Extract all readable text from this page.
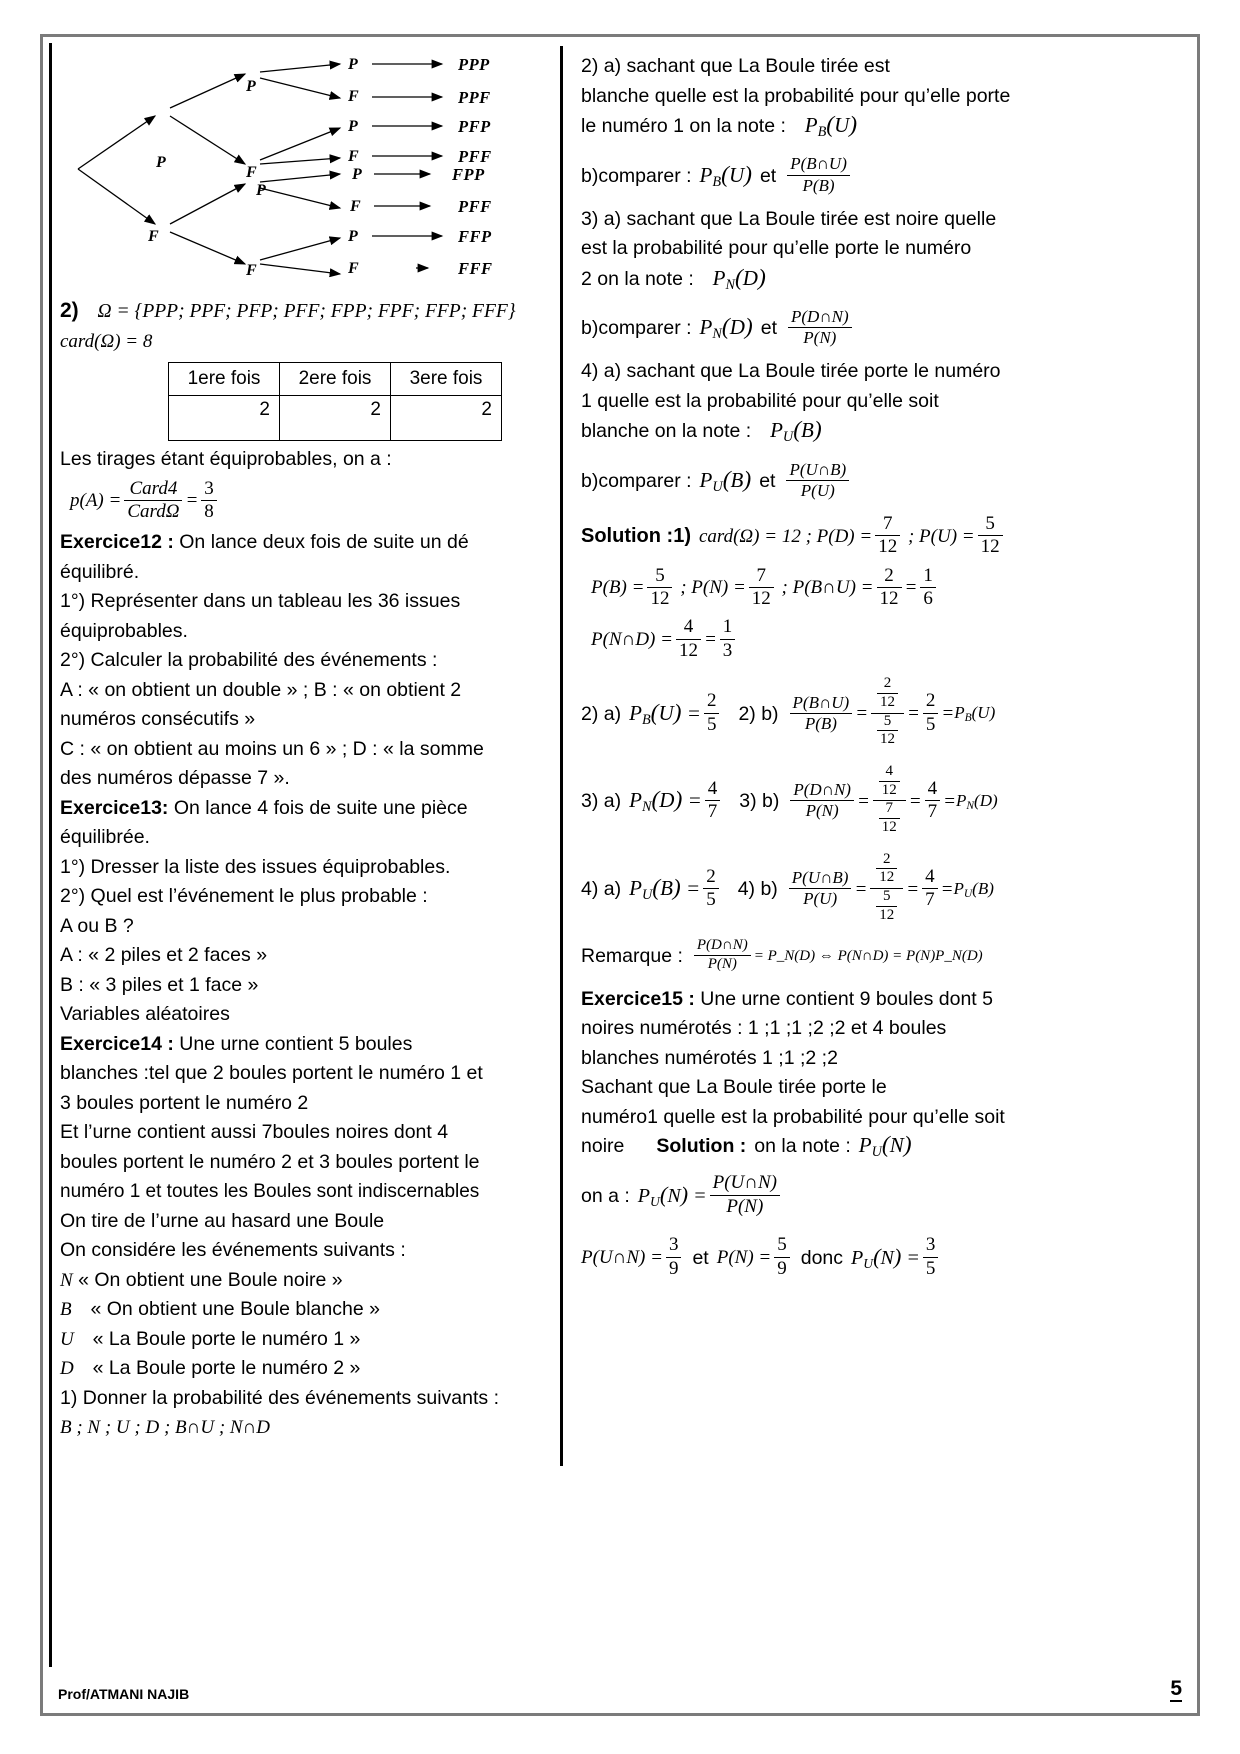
P
F
P
F
P
F
P
F
P
F
P
F
P
F
PPP
PPF
PFP
PFF
FPP
PFF
FFP
FFF
2) Ω = {PPP; PPF; PFP; PFF; FPP; FPF; FFP; FFF}
card(Ω) = 8
1ere fois	2ere fois	3ere fois
2	2	2
Les tirages étant équiprobables, on a :
$p(A) = \frac{\text{Card4}}{\text{CardΩ}} = \frac{3}{8}$
Exercice12 : On lance deux fois de suite un dé
équilibré.
1°) Représenter dans un tableau les 36 issues
équiprobables.
2°) Calculer la probabilité des événements :
A : « on obtient un double » ; B : « on obtient 2
numéros consécutifs »
C : « on obtient au moins un 6 » ; D : « la somme
des numéros dépasse 7 ».
Exercice13: On lance 4 fois de suite une pièce
équilibrée.
1°) Dresser la liste des issues équiprobables.
2°) Quel est l’événement le plus probable :
A ou B ?
A : « 2 piles et 2 faces »
B : « 3 piles et 1 face »
Variables aléatoires
Exercice14 : Une urne contient 5 boules
blanches :tel que 2 boules portent le numéro 1 et
3 boules portent le numéro 2
Et l’urne contient aussi 7boules noires dont 4
boules portent le numéro 2 et 3 boules portent le
numéro 1 et toutes les Boules sont indiscernables
On tire de l’urne au hasard une Boule
On considére les événements suivants :
N « On obtient une Boule noire »
B « On obtient une Boule blanche »
U « La Boule porte le numéro 1 »
D « La Boule porte le numéro 2 »
1) Donner la probabilité des événements suivants :
B ; N ; U ; D ; B∩U ; N∩D
2) a) sachant que La Boule tirée est
blanche quelle est la probabilité pour qu’elle porte
le numéro 1 on la note : $P_B(U)$
b)comparer : $P_B(U)$ et $\frac{P(B\cap U)}{P(B)}$
3) a) sachant que La Boule tirée est noire quelle
est la probabilité pour qu’elle porte le numéro
2 on la note : $P_N(D)$
b)comparer : $P_N(D)$ et $\frac{P(D\cap N)}{P(N)}$
4) a) sachant que La Boule tirée porte le numéro
1 quelle est la probabilité pour qu’elle soit
blanche on la note : $P_U(B)$
b)comparer : $P_U(B)$ et $\frac{P(U\cap B)}{P(U)}$
Solution :1) card(Ω) = 12 ; $P(D) = \frac{7}{12}$ ; $P(U) = \frac{5}{12}$
$P(B) = \frac{5}{12}$ ; $P(N) = \frac{7}{12}$ ; P(B∩U) = $\frac{2}{12} = \frac{1}{6}$
P(N∩D) = $\frac{4}{12} = \frac{1}{3}$
2) a) $P_B(U) = \frac{2}{5} 2$) $b) \frac{P(B\cap U)}{P(B)} = \frac{\frac{2}{12}}{\frac{5}{12}} = \frac{2}{5} = P_B(U)$
3) a) $P_N(D) = \frac{4}{7} 3$) $b) \frac{P(D\cap N)}{P(N)} = \frac{\frac{4}{12}}{\frac{7}{12}} = \frac{4}{7} = P_N(D)$
4) a) $P_U(B) = \frac{2}{5} 4$) $b) \frac{P(U\cap B)}{P(U)} = \frac{\frac{2}{12}}{\frac{5}{12}} = \frac{4}{7} = P_U(B)$
Remarque : $\frac{P(D\cap N)}{P(N)}$ = P_N(D) ⇔ P(N∩D) = P(N)P_N(D)
Exercice15 : Une urne contient 9 boules dont 5
noires numérotés : 1 ;1 ;1 ;2 ;2 et 4 boules
blanches numérotés 1 ;1 ;2 ;2
Sachant que La Boule tirée porte le
numéro1 quelle est la probabilité pour qu’elle soit
noire Solution : on la note : $P_U(N)$
on a : $P_U(N) = \frac{P(U\cap N)}{P(N)}$
P(U∩N) = $\frac{3}{9}$ et $P(N) = \frac{5}{9}$ donc $P_U(N) = \frac{3}{5}$
Prof/ATMANI NAJIB	5
